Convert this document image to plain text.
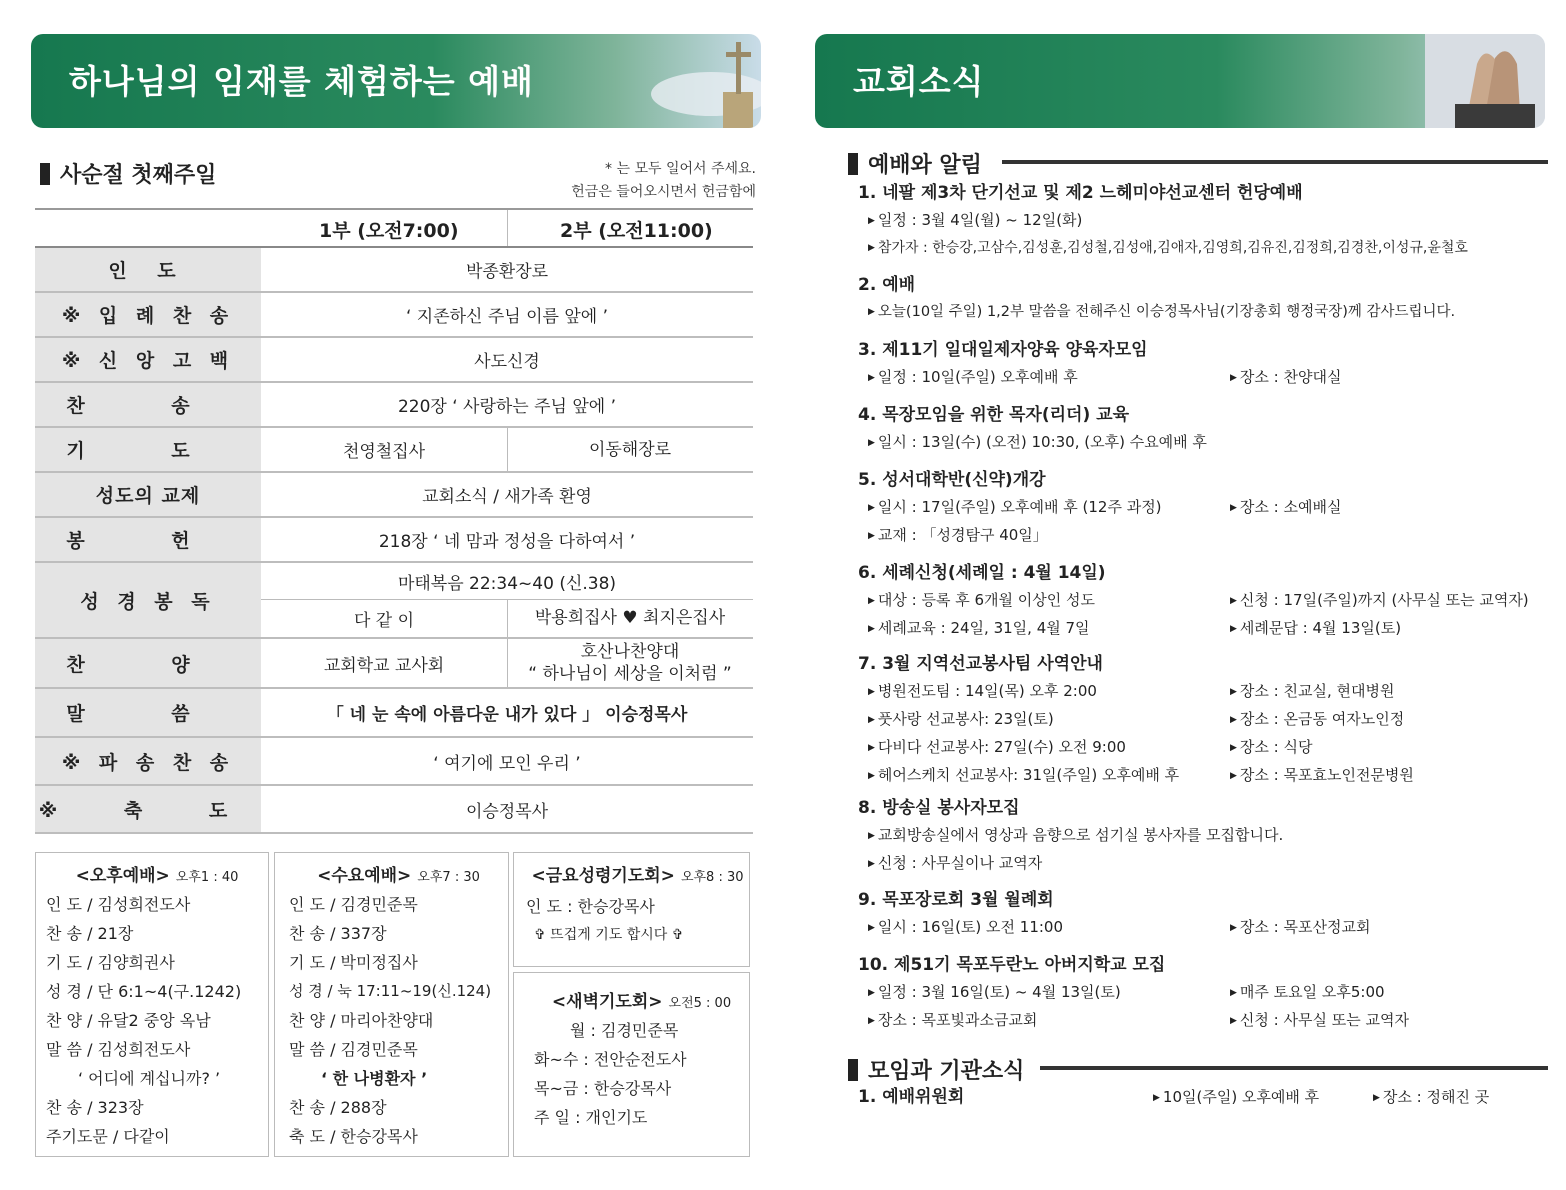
하나님의 임재를 체험하는 예배	교회소식
사순절 첫째주일	* 는 모두 일어서 주세요.
헌금은 들어오시면서 헌금함에
1부 (오전7:00)	2부 (오전11:00)
인 도	박종환장로
※ 입 례 찬 송	‘ 지존하신 주님 이름 앞에 ’
※ 신 앙 고 백	사도신경
찬 송	220장 ‘ 사랑하는 주님 앞에 ’
기 도	천영철집사	이동해장로
성도의 교제	교회소식 / 새가족 환영
봉 헌	218장 ‘ 네 맘과 정성을 다하여서 ’
성 경 봉 독
마태복음 22:34~40 (신.38)
다 같 이	박용희집사 ♥ 최지은집사
찬 양	교회학교 교사회
호산나찬양대
“ 하나님이 세상을 이처럼 ”
말 씀	「 네 눈 속에 아름다운 내가 있다 」 이승정목사
※ 파 송 찬 송	‘ 여기에 모인 우리 ’
※ 축 도	이승정목사
<오후예배> 오후1 : 40
인 도 / 김성희전도사
찬 송 / 21장
기 도 / 김양희권사
성 경 / 단 6:1~4(구.1242)
찬 양 / 유달2 중앙 옥남
말 씀 / 김성희전도사
‘ 어디에 계십니까? ’
찬 송 / 323장
주기도문 / 다같이
<수요예배> 오후7 : 30
인 도 / 김경민준목
찬 송 / 337장
기 도 / 박미정집사
성 경 / 눅 17:11~19(신.124)
찬 양 / 마리아찬양대
말 씀 / 김경민준목
‘ 한 나병환자 ’
찬 송 / 288장
축 도 / 한승강목사
<금요성령기도회> 오후8 : 30
인 도 : 한승강목사
✞ 뜨겁게 기도 합시다 ✞
<새벽기도회> 오전5 : 00
월 : 김경민준목
화~수 : 전안순전도사
목~금 : 한승강목사
주 일 : 개인기도
예배와 알림
1. 네팔 제3차 단기선교 및 제2 느헤미야선교센터 헌당예배
▶ 일정 : 3월 4일(월) ~ 12일(화)
▶ 참가자 : 한승강,고삼수,김성훈,김성철,김성애,김애자,김영희,김유진,김정희,김경찬,이성규,윤철호
2. 예배
▶ 오늘(10일 주일) 1,2부 말씀을 전해주신 이승정목사님(기장총회 행정국장)께 감사드립니다.
3. 제11기 일대일제자양육 양육자모임
▶ 일정 : 10일(주일) 오후예배 후	▶ 장소 : 찬양대실
4. 목장모임을 위한 목자(리더) 교육
▶ 일시 : 13일(수) (오전) 10:30, (오후) 수요예배 후
5. 성서대학반(신약)개강
▶ 일시 : 17일(주일) 오후예배 후 (12주 과정)	▶ 장소 : 소예배실
▶ 교재 : 「성경탐구 40일」
6. 세례신청(세례일 : 4월 14일)
▶ 대상 : 등록 후 6개월 이상인 성도	▶ 신청 : 17일(주일)까지 (사무실 또는 교역자)
▶ 세례교육 : 24일, 31일, 4월 7일	▶ 세례문답 : 4월 13일(토)
7. 3월 지역선교봉사팀 사역안내
▶ 병원전도팀 : 14일(목) 오후 2:00	▶ 장소 : 친교실, 현대병원
▶ 풋사랑 선교봉사: 23일(토)	▶ 장소 : 온금동 여자노인정
▶ 다비다 선교봉사: 27일(수) 오전 9:00	▶ 장소 : 식당
▶ 헤어스케치 선교봉사: 31일(주일) 오후예배 후	▶ 장소 : 목포효노인전문병원
8. 방송실 봉사자모집
▶ 교회방송실에서 영상과 음향으로 섬기실 봉사자를 모집합니다.
▶ 신청 : 사무실이나 교역자
9. 목포장로회 3월 월례회
▶ 일시 : 16일(토) 오전 11:00	▶ 장소 : 목포산정교회
10. 제51기 목포두란노 아버지학교 모집
▶ 일정 : 3월 16일(토) ~ 4월 13일(토)	▶ 매주 토요일 오후5:00
▶ 장소 : 목포빛과소금교회	▶ 신청 : 사무실 또는 교역자
모임과 기관소식
1. 예배위원회	▶ 10일(주일) 오후예배 후	▶ 장소 : 정해진 곳
